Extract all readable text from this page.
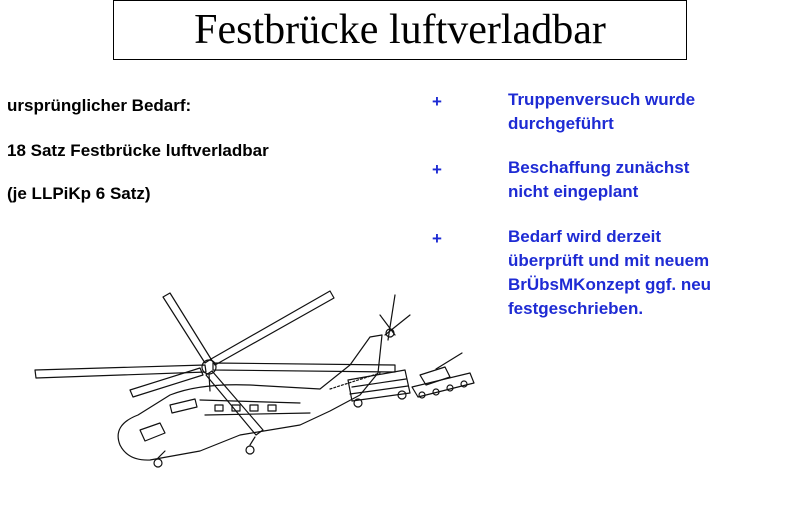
Festbrücke luftverladbar
ursprünglicher Bedarf:
18 Satz Festbrücke luftverladbar
(je LLPiKp 6 Satz)
+	Truppenversuch wurde
durchgeführt
+	Beschaffung zunächst
nicht eingeplant
+	Bedarf wird derzeit
überprüft und mit neuem
BrÜbsMKonzept ggf. neu
festgeschrieben.
